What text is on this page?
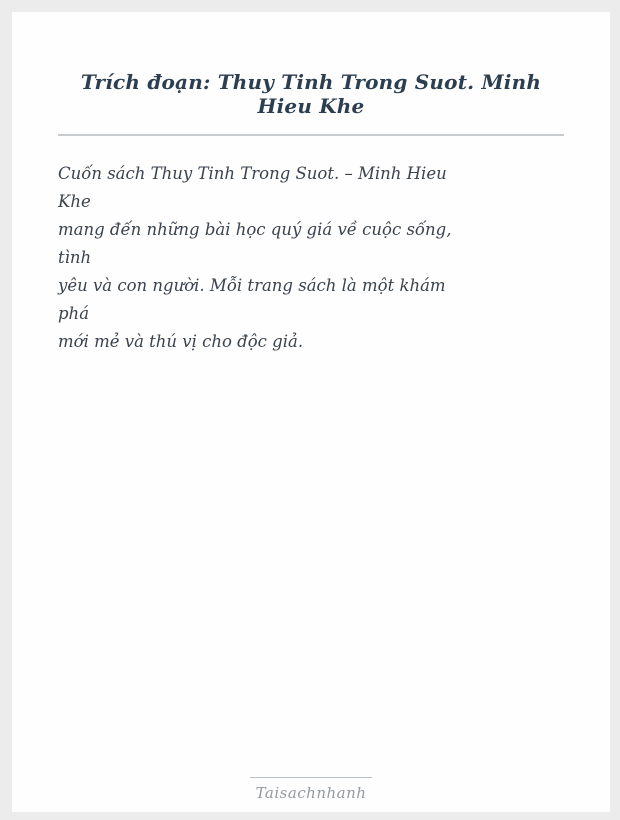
Trích đoạn: Thuy Tinh Trong Suot. Minh Hieu Khe
Cuốn sách Thuy Tinh Trong Suot. – Minh Hieu
Khe
mang đến những bài học quý giá về cuộc sống,
tình
yêu và con người. Mỗi trang sách là một khám
phá
mới mẻ và thú vị cho độc giả.
Taisachnhanh
